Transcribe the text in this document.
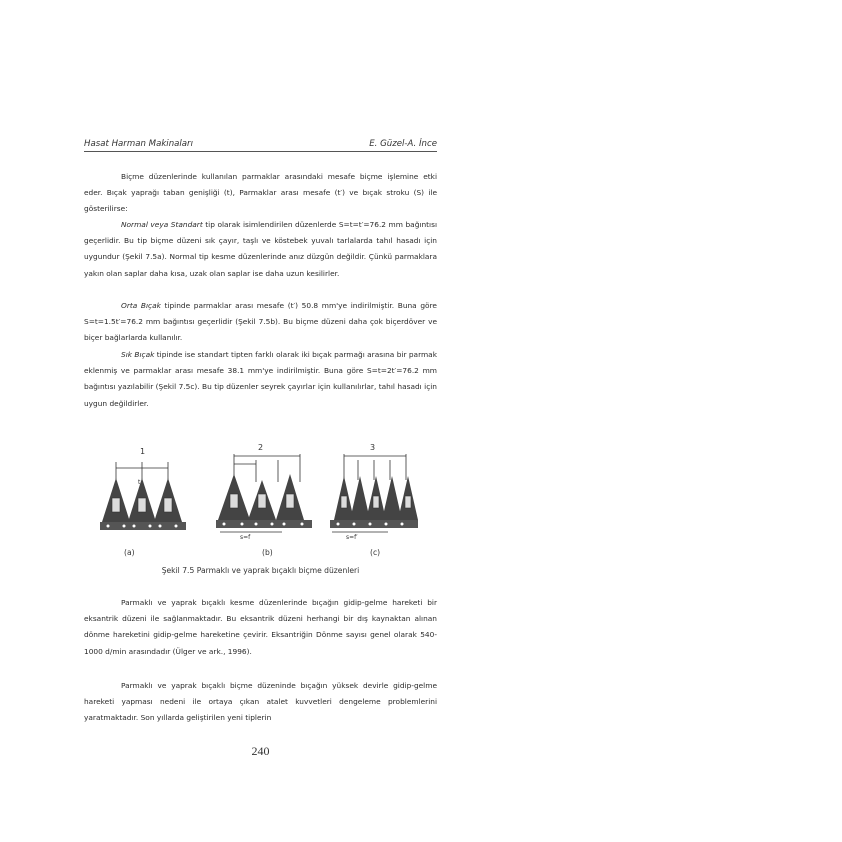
Hasat Harman Makinaları	E. Güzel-A. İnce
Biçme düzenlerinde kullanılan parmaklar arasındaki mesafe biçme işlemine etki eder. Bıçak yaprağı taban genişliği (t), Parmaklar arası mesafe (t′) ve bıçak stroku (S) ile gösterilirse:
Normal veya Standart tip olarak isimlendirilen düzenlerde S=t=t′=76.2 mm bağıntısı geçerlidir. Bu tip biçme düzeni sık çayır, taşlı ve köstebek yuvalı tarlalarda tahıl hasadı için uygundur (Şekil 7.5a). Normal tip kesme düzenlerinde anız düzgün değildir. Çünkü parmaklara yakın olan saplar daha kısa, uzak olan saplar ise daha uzun kesilirler.
Orta Bıçak tipinde parmaklar arası mesafe (t′) 50.8 mm'ye indirilmiştir. Buna göre S=t=1.5t′=76.2 mm bağıntısı geçerlidir (Şekil 7.5b). Bu biçme düzeni daha çok biçerdöver ve biçer bağlarlarda kullanılır.
Sık Bıçak tipinde ise standart tipten farklı olarak iki bıçak parmağı arasına bir parmak eklenmiş ve parmaklar arası mesafe 38.1 mm'ye indirilmiştir. Buna göre S=t=2t′=76.2 mm bağıntısı yazılabilir (Şekil 7.5c). Bu tip düzenler seyrek çayırlar için kullanılırlar, tahıl hasadı için uygun değildirler.
1
t
2
s=f
3
s=f′
(a)	(b)	(c)
Şekil 7.5 Parmaklı ve yaprak bıçaklı biçme düzenleri
Parmaklı ve yaprak bıçaklı kesme düzenlerinde bıçağın gidip-gelme hareketi bir eksantrik düzeni ile sağlanmaktadır. Bu eksantrik düzeni herhangi bir dış kaynaktan alınan dönme hareketini gidip-gelme hareketine çevirir. Eksantriğin Dönme sayısı genel olarak 540-1000 d/min arasındadır (Ülger ve ark., 1996).
Parmaklı ve yaprak bıçaklı biçme düzeninde bıçağın yüksek devirle gidip-gelme hareketi yapması nedeni ile ortaya çıkan atalet kuvvetleri dengeleme problemlerini yaratmaktadır. Son yıllarda geliştirilen yeni tiplerin
240
